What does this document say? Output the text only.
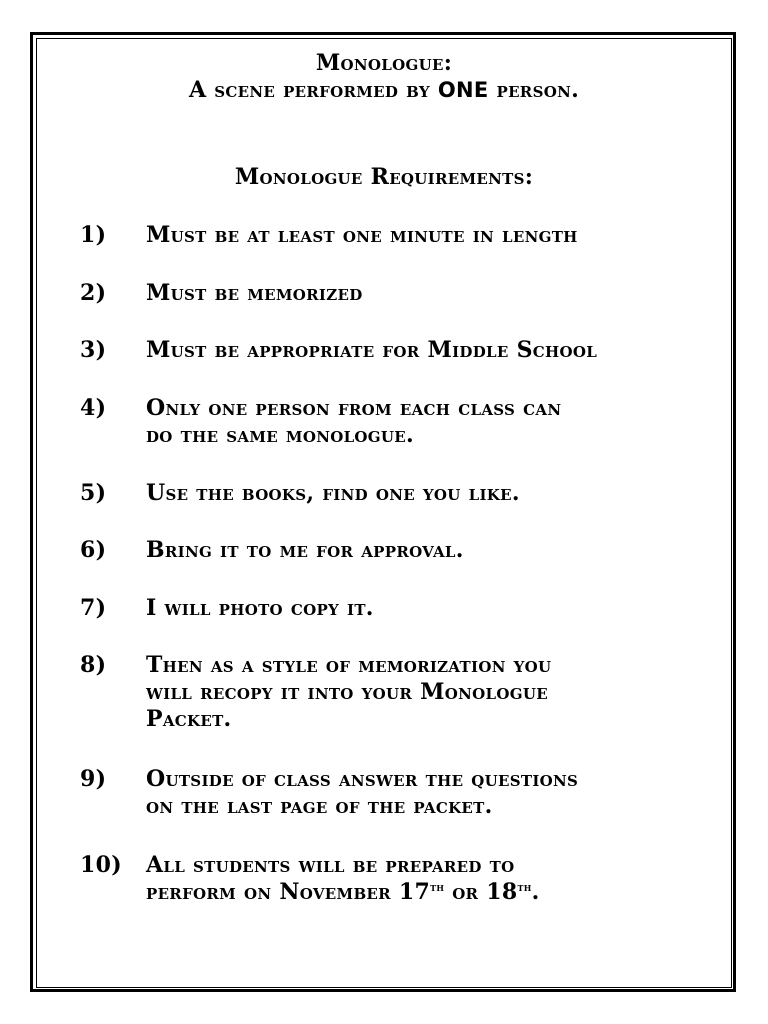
Monologue:
A scene performed by ONE person.
Monologue Requirements:
1) Must be at least one minute in length
2) Must be memorized
3) Must be appropriate for Middle School
4) Only one person from each class can
do the same monologue.
5) Use the books, find one you like.
6) Bring it to me for approval.
7) I will photo copy it.
8) Then as a style of memorization you
will recopy it into your Monologue
Packet.
9) Outside of class answer the questions
on the last page of the packet.
10) All students will be prepared to
perform on November 17th or 18th.
